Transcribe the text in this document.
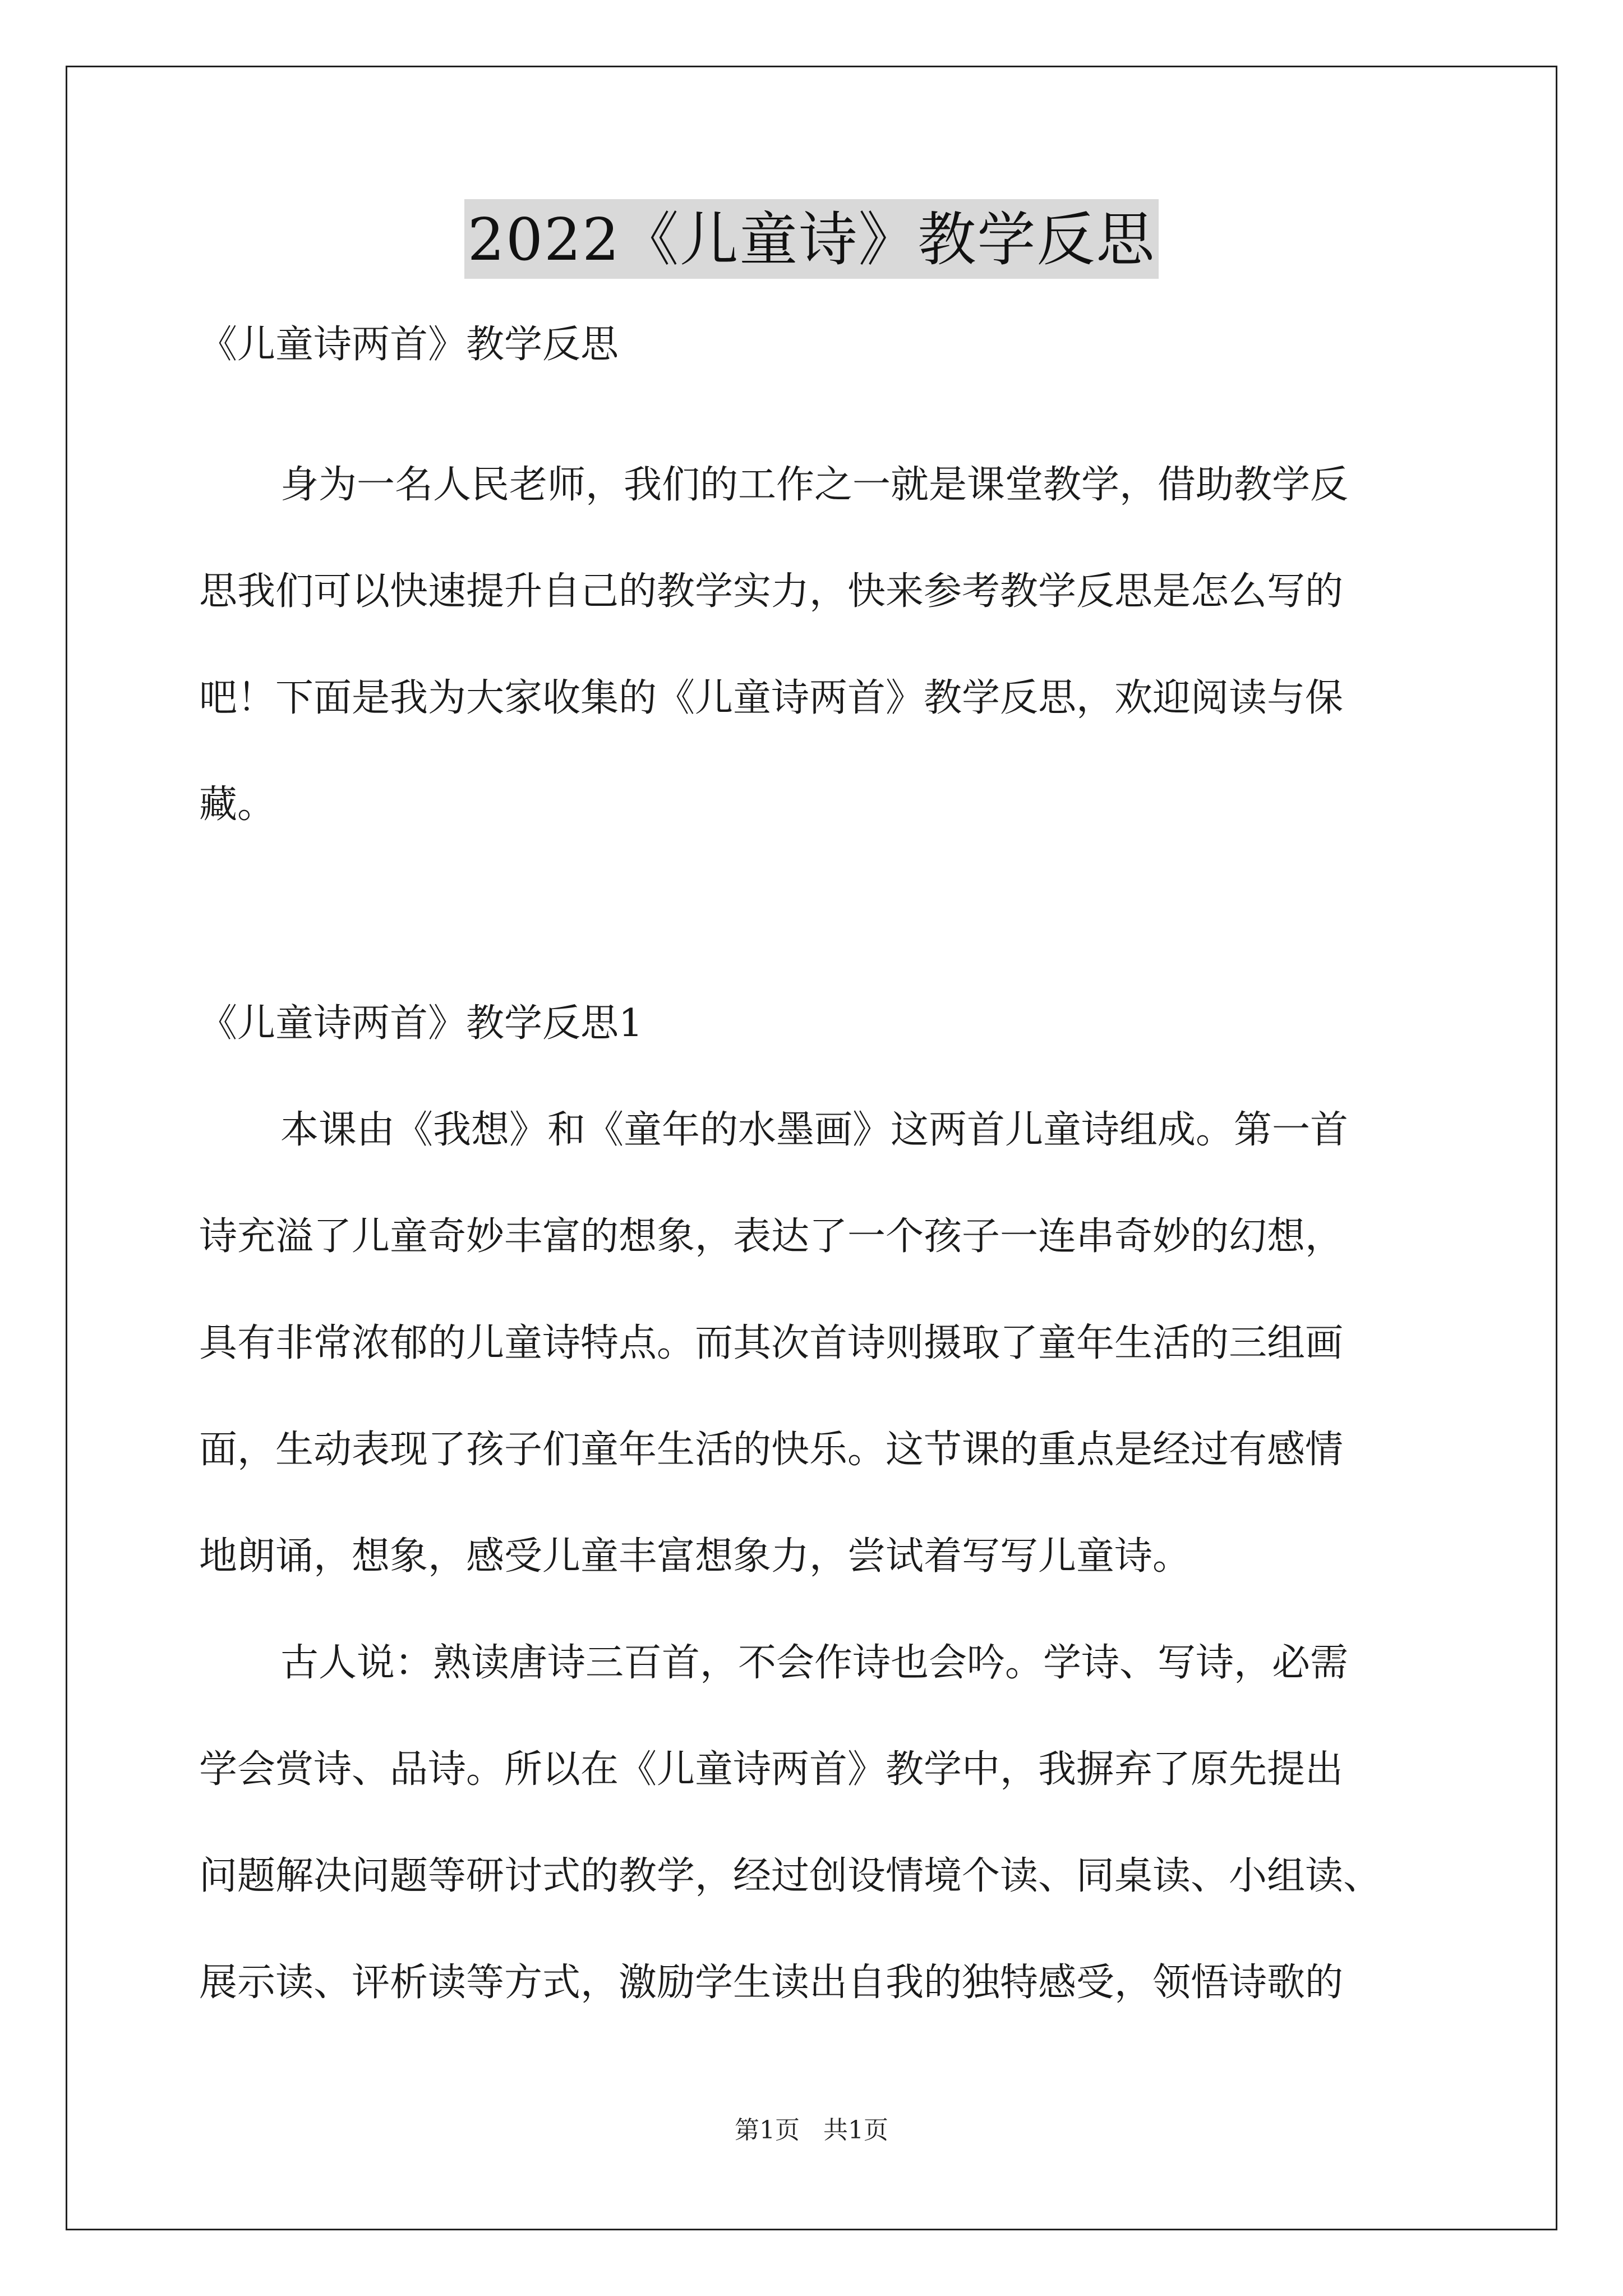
2022《儿童诗》教学反思
《儿童诗两首》教学反思
身为一名人民老师，我们的工作之一就是课堂教学，借助教学反
思我们可以快速提升自己的教学实力，快来参考教学反思是怎么写的
吧！下面是我为大家收集的《儿童诗两首》教学反思，欢迎阅读与保
藏。
《儿童诗两首》教学反思1
本课由《我想》和《童年的水墨画》这两首儿童诗组成。第一首
诗充溢了儿童奇妙丰富的想象，表达了一个孩子一连串奇妙的幻想，
具有非常浓郁的儿童诗特点。而其次首诗则摄取了童年生活的三组画
面，生动表现了孩子们童年生活的快乐。这节课的重点是经过有感情
地朗诵，想象，感受儿童丰富想象力，尝试着写写儿童诗。
古人说：熟读唐诗三百首，不会作诗也会吟。学诗、写诗，必需
学会赏诗、品诗。所以在《儿童诗两首》教学中，我摒弃了原先提出
问题解决问题等研讨式的教学，经过创设情境个读、同桌读、小组读、
展示读、评析读等方式，激励学生读出自我的独特感受，领悟诗歌的
第1页 共1页
